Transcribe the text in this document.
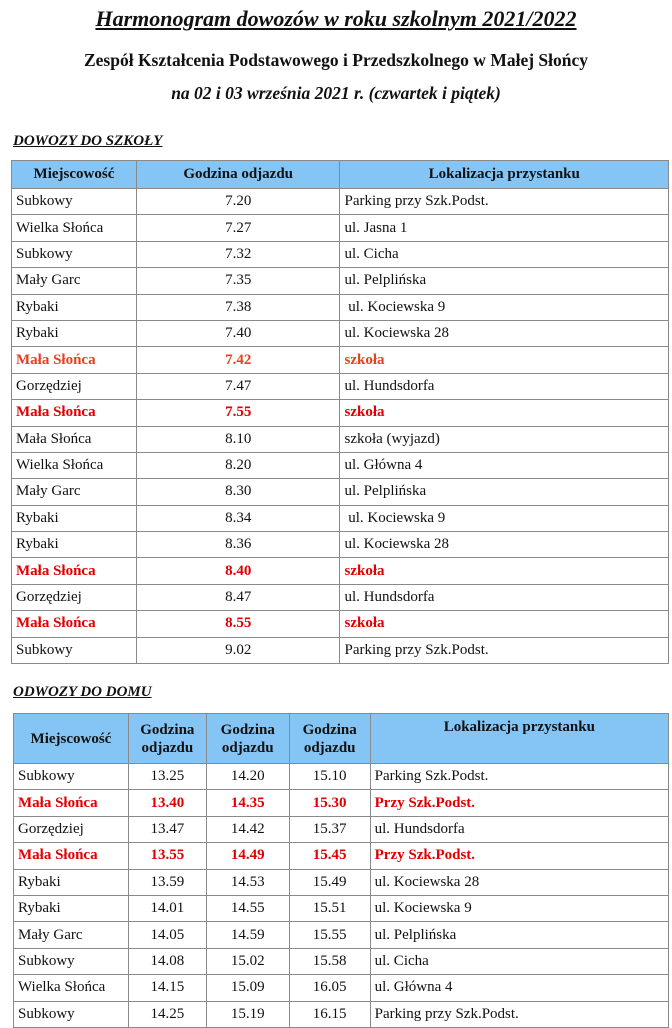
Harmonogram dowozów w roku szkolnym 2021/2022
Zespół Kształcenia Podstawowego i Przedszkolnego w Małej Słońcy
na 02 i 03 września 2021 r. (czwartek i piątek)
DOWOZY DO SZKOŁY
Miejscowość	Godzina odjazdu	Lokalizacja przystanku
Subkowy	7.20	Parking przy Szk.Podst.
Wielka Słońca	7.27	ul. Jasna 1
Subkowy	7.32	ul. Cicha
Mały Garc	7.35	ul. Pelplińska
Rybaki	7.38	ul. Kociewska 9
Rybaki	7.40	ul. Kociewska 28
Mała Słońca	7.42	szkoła
Gorzędziej	7.47	ul. Hundsdorfa
Mała Słońca	7.55	szkoła
Mała Słońca	8.10	szkoła (wyjazd)
Wielka Słońca	8.20	ul. Główna 4
Mały Garc	8.30	ul. Pelplińska
Rybaki	8.34	ul. Kociewska 9
Rybaki	8.36	ul. Kociewska 28
Mała Słońca	8.40	szkoła
Gorzędziej	8.47	ul. Hundsdorfa
Mała Słońca	8.55	szkoła
Subkowy	9.02	Parking przy Szk.Podst.
ODWOZY DO DOMU
Miejscowość	Godzina odjazdu	Godzina odjazdu	Godzina odjazdu	Lokalizacja przystanku
Subkowy	13.25	14.20	15.10	Parking Szk.Podst.
Mała Słońca	13.40	14.35	15.30	Przy Szk.Podst.
Gorzędziej	13.47	14.42	15.37	ul. Hundsdorfa
Mała Słońca	13.55	14.49	15.45	Przy Szk.Podst.
Rybaki	13.59	14.53	15.49	ul. Kociewska 28
Rybaki	14.01	14.55	15.51	ul. Kociewska 9
Mały Garc	14.05	14.59	15.55	ul. Pelplińska
Subkowy	14.08	15.02	15.58	ul. Cicha
Wielka Słońca	14.15	15.09	16.05	ul. Główna 4
Subkowy	14.25	15.19	16.15	Parking przy Szk.Podst.
